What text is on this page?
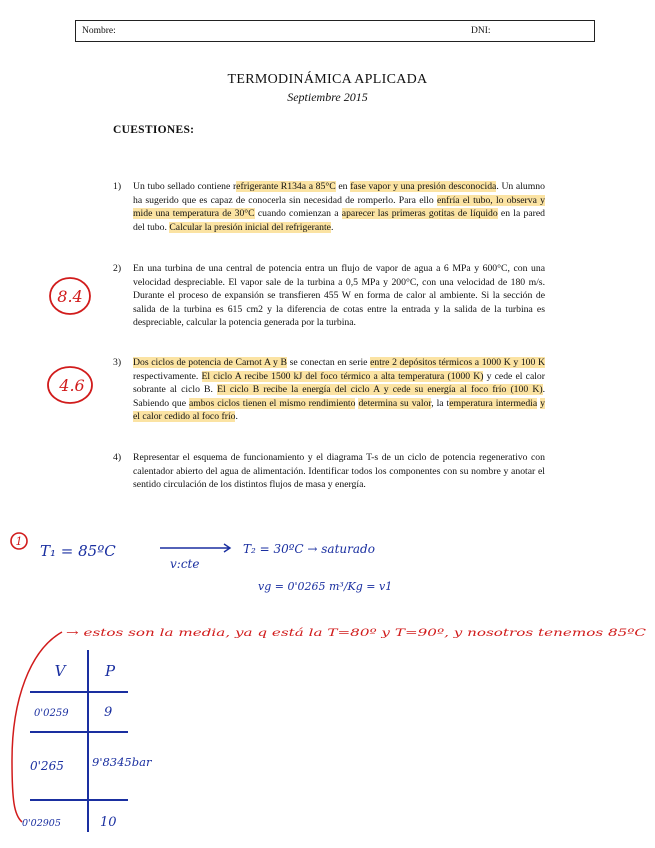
Nombre:	DNI:
TERMODINÁMICA APLICADA
Septiembre 2015
CUESTIONES:
1) Un tubo sellado contiene refrigerante R134a a 85°C en fase vapor y una presión desconocida. Un alumno ha sugerido que es capaz de conocerla sin necesidad de romperlo. Para ello enfría el tubo, lo observa y mide una temperatura de 30°C cuando comienzan a aparecer las primeras gotitas de líquido en la pared del tubo. Calcular la presión inicial del refrigerante.
2) En una turbina de una central de potencia entra un flujo de vapor de agua a 6 MPa y 600°C, con una velocidad despreciable. El vapor sale de la turbina a 0,5 MPa y 200°C, con una velocidad de 180 m/s. Durante el proceso de expansión se transfieren 455 W en forma de calor al ambiente. Si la sección de salida de la turbina es 615 cm2 y la diferencia de cotas entre la entrada y la salida de la turbina es despreciable, calcular la potencia generada por la turbina.
3) Dos ciclos de potencia de Carnot A y B se conectan en serie entre 2 depósitos térmicos a 1000 K y 100 K respectivamente. El ciclo A recibe 1500 kJ del foco térmico a alta temperatura (1000 K) y cede el calor sobrante al ciclo B. El ciclo B recibe la energía del ciclo A y cede su energía al foco frío (100 K). Sabiendo que ambos ciclos tienen el mismo rendimiento determina su valor, la temperatura intermedia y el calor cedido al foco frío.
4) Representar el esquema de funcionamiento y el diagrama T-s de un ciclo de potencia regenerativo con calentador abierto del agua de alimentación. Identificar todos los componentes con su nombre y anotar el sentido circulación de los distintos flujos de masa y energía.
8.4
4.6
1
T₁ = 85ºC
v:cte
T₂ = 30ºC → saturado
vg = 0'0265 m³/Kg = v1
→ estos son la media, ya q está la T=80º y T=90º, y nosotros tenemos 85ºC
V	P
0'0259	9
0'265 9'8345bar
0'02905	10
